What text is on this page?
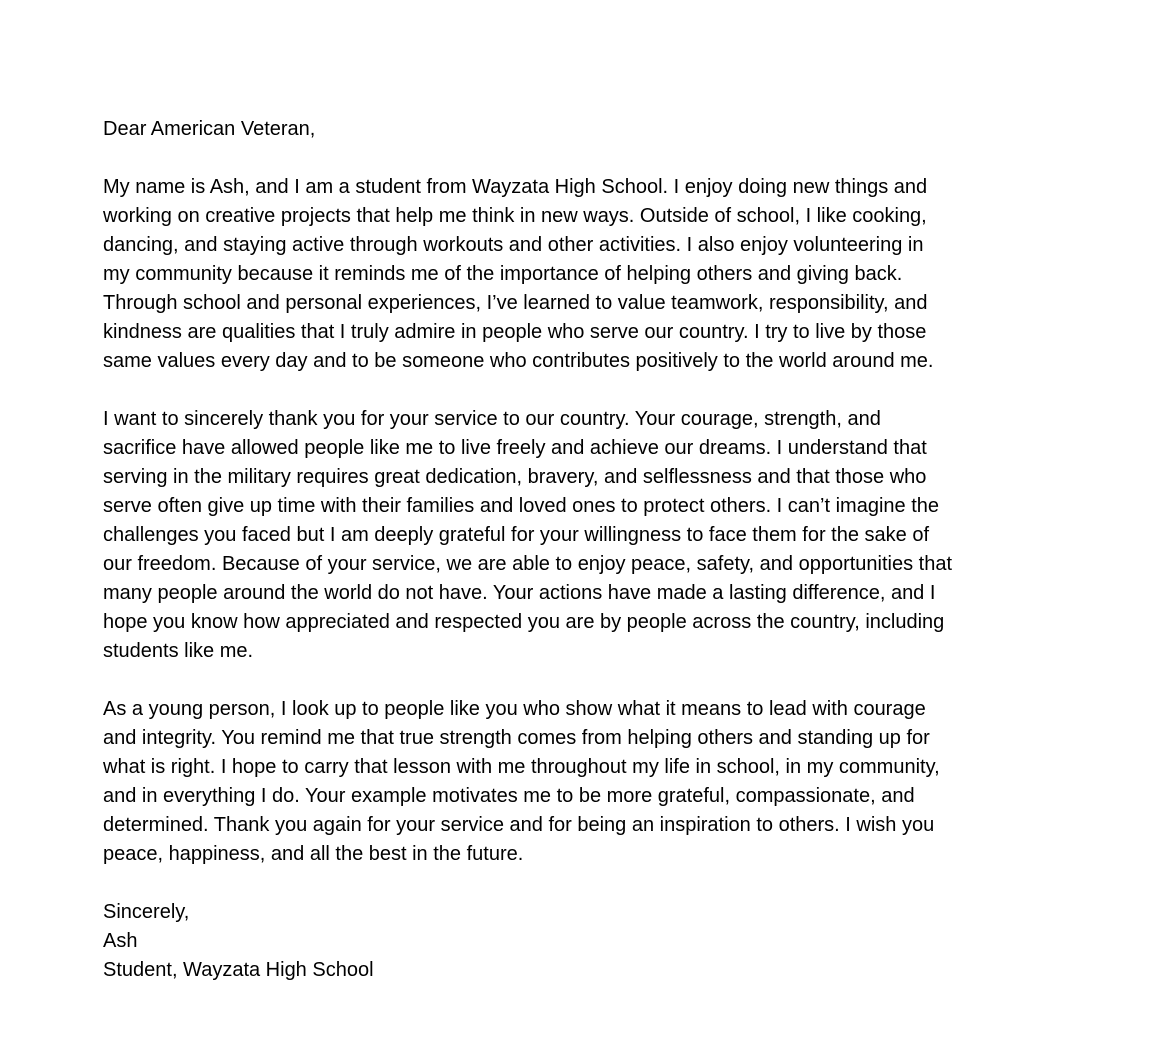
Dear American Veteran,

My name is Ash, and I am a student from Wayzata High School. I enjoy doing new things and
working on creative projects that help me think in new ways. Outside of school, I like cooking,
dancing, and staying active through workouts and other activities. I also enjoy volunteering in
my community because it reminds me of the importance of helping others and giving back.
Through school and personal experiences, I’ve learned to value teamwork, responsibility, and
kindness are qualities that I truly admire in people who serve our country. I try to live by those
same values every day and to be someone who contributes positively to the world around me.

I want to sincerely thank you for your service to our country. Your courage, strength, and
sacrifice have allowed people like me to live freely and achieve our dreams. I understand that
serving in the military requires great dedication, bravery, and selflessness and that those who
serve often give up time with their families and loved ones to protect others. I can’t imagine the
challenges you faced but I am deeply grateful for your willingness to face them for the sake of
our freedom. Because of your service, we are able to enjoy peace, safety, and opportunities that
many people around the world do not have. Your actions have made a lasting difference, and I
hope you know how appreciated and respected you are by people across the country, including
students like me.

As a young person, I look up to people like you who show what it means to lead with courage
and integrity. You remind me that true strength comes from helping others and standing up for
what is right. I hope to carry that lesson with me throughout my life in school, in my community,
and in everything I do. Your example motivates me to be more grateful, compassionate, and
determined. Thank you again for your service and for being an inspiration to others. I wish you
peace, happiness, and all the best in the future.

Sincerely,
Ash
Student, Wayzata High School
